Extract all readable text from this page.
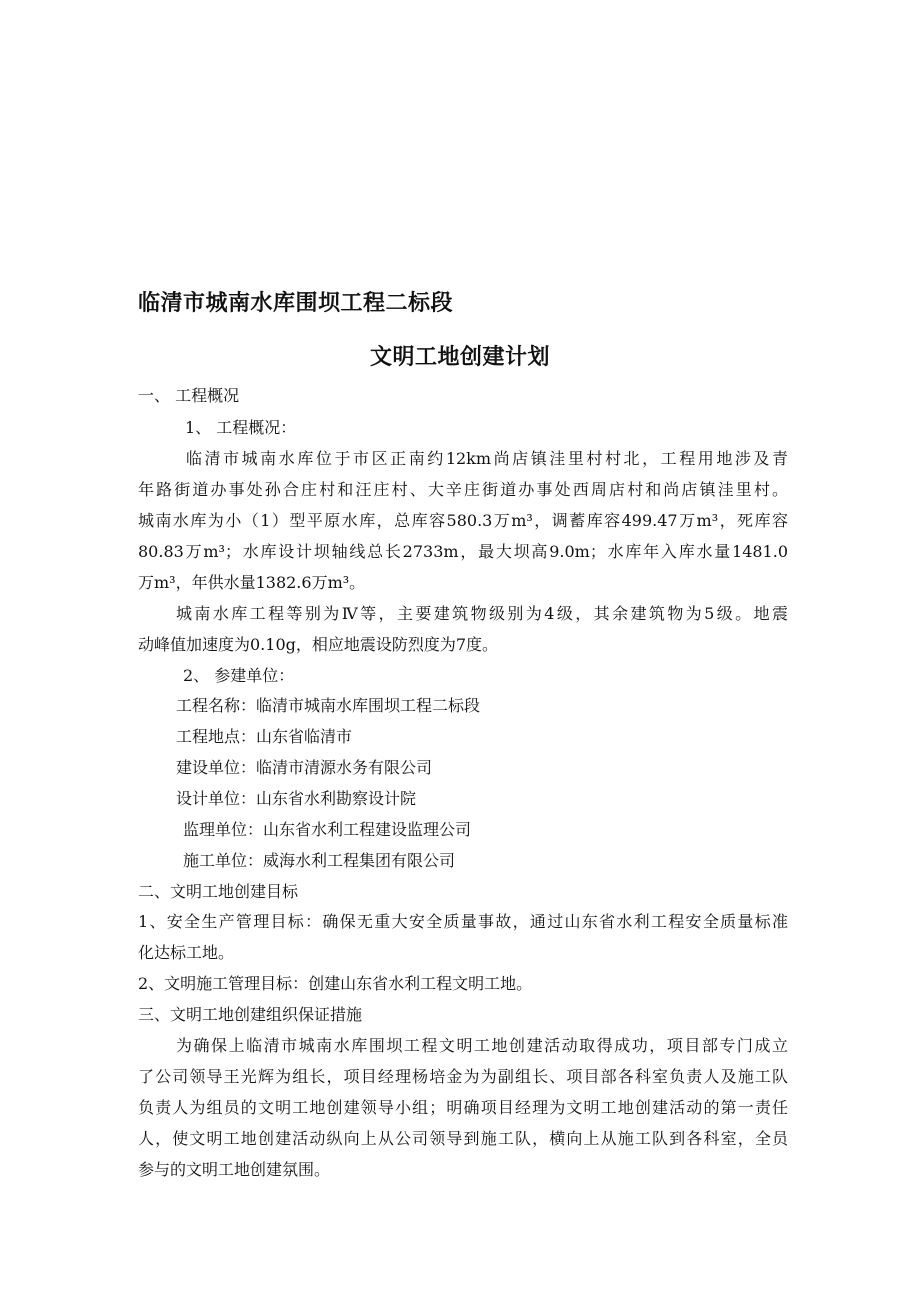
临清市城南水库围坝工程二标段
文明工地创建计划
一、 工程概况
1、 工程概况：
临清市城南水库位于市区正南约12km尚店镇洼里村村北，工程用地涉及青
年路街道办事处孙合庄村和汪庄村、大辛庄街道办事处西周店村和尚店镇洼里村。
城南水库为小（1）型平原水库，总库容580.3万m³，调蓄库容499.47万m³，死库容
80.83万m³；水库设计坝轴线总长2733m，最大坝高9.0m；水库年入库水量1481.0
万m³，年供水量1382.6万m³。
城南水库工程等别为Ⅳ等，主要建筑物级别为4级，其余建筑物为5级。地震
动峰值加速度为0.10g，相应地震设防烈度为7度。
2、 参建单位：
工程名称：临清市城南水库围坝工程二标段
工程地点：山东省临清市
建设单位：临清市清源水务有限公司
设计单位：山东省水利勘察设计院
监理单位：山东省水利工程建设监理公司
施工单位：威海水利工程集团有限公司
二、文明工地创建目标
1、安全生产管理目标：确保无重大安全质量事故，通过山东省水利工程安全质量标准
化达标工地。
2、文明施工管理目标：创建山东省水利工程文明工地。
三、文明工地创建组织保证措施
为确保上临清市城南水库围坝工程文明工地创建活动取得成功，项目部专门成立
了公司领导王光辉为组长，项目经理杨培金为为副组长、项目部各科室负责人及施工队
负责人为组员的文明工地创建领导小组；明确项目经理为文明工地创建活动的第一责任
人，使文明工地创建活动纵向上从公司领导到施工队，横向上从施工队到各科室，全员
参与的文明工地创建氛围。
